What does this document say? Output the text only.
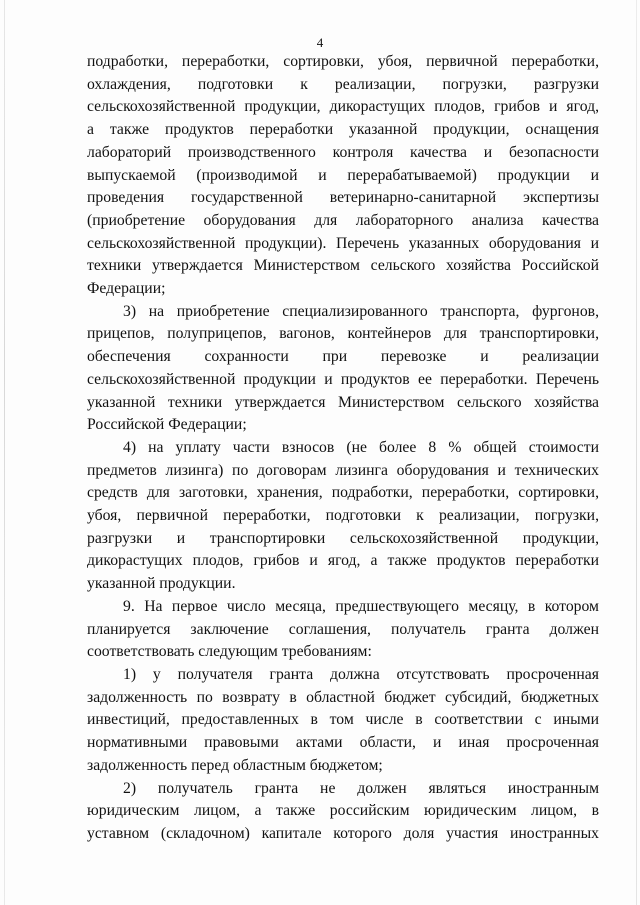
4

подработки, переработки, сортировки, убоя, первичной переработки,
охлаждения, подготовки к реализации, погрузки, разгрузки
сельскохозяйственной продукции, дикорастущих плодов, грибов и ягод,
а также продуктов переработки указанной продукции, оснащения
лабораторий производственного контроля качества и безопасности
выпускаемой (производимой и перерабатываемой) продукции и
проведения государственной ветеринарно-санитарной экспертизы
(приобретение оборудования для лабораторного анализа качества
сельскохозяйственной продукции). Перечень указанных оборудования и
техники утверждается Министерством сельского хозяйства Российской
Федерации;

3) на приобретение специализированного транспорта, фургонов,
прицепов, полуприцепов, вагонов, контейнеров для транспортировки,
обеспечения сохранности при перевозке и реализации
сельскохозяйственной продукции и продуктов ее переработки. Перечень
указанной техники утверждается Министерством сельского хозяйства
Российской Федерации;

4) на уплату части взносов (не более 8 % общей стоимости
предметов лизинга) по договорам лизинга оборудования и технических
средств для заготовки, хранения, подработки, переработки, сортировки,
убоя, первичной переработки, подготовки к реализации, погрузки,
разгрузки и транспортировки сельскохозяйственной продукции,
дикорастущих плодов, грибов и ягод, а также продуктов переработки
указанной продукции.

9. На первое число месяца, предшествующего месяцу, в котором
планируется заключение соглашения, получатель гранта должен
соответствовать следующим требованиям:

1) у получателя гранта должна отсутствовать просроченная
задолженность по возврату в областной бюджет субсидий, бюджетных
инвестиций, предоставленных в том числе в соответствии с иными
нормативными правовыми актами области, и иная просроченная
задолженность перед областным бюджетом;

2) получатель гранта не должен являться иностранным
юридическим лицом, а также российским юридическим лицом, в
уставном (складочном) капитале которого доля участия иностранных
